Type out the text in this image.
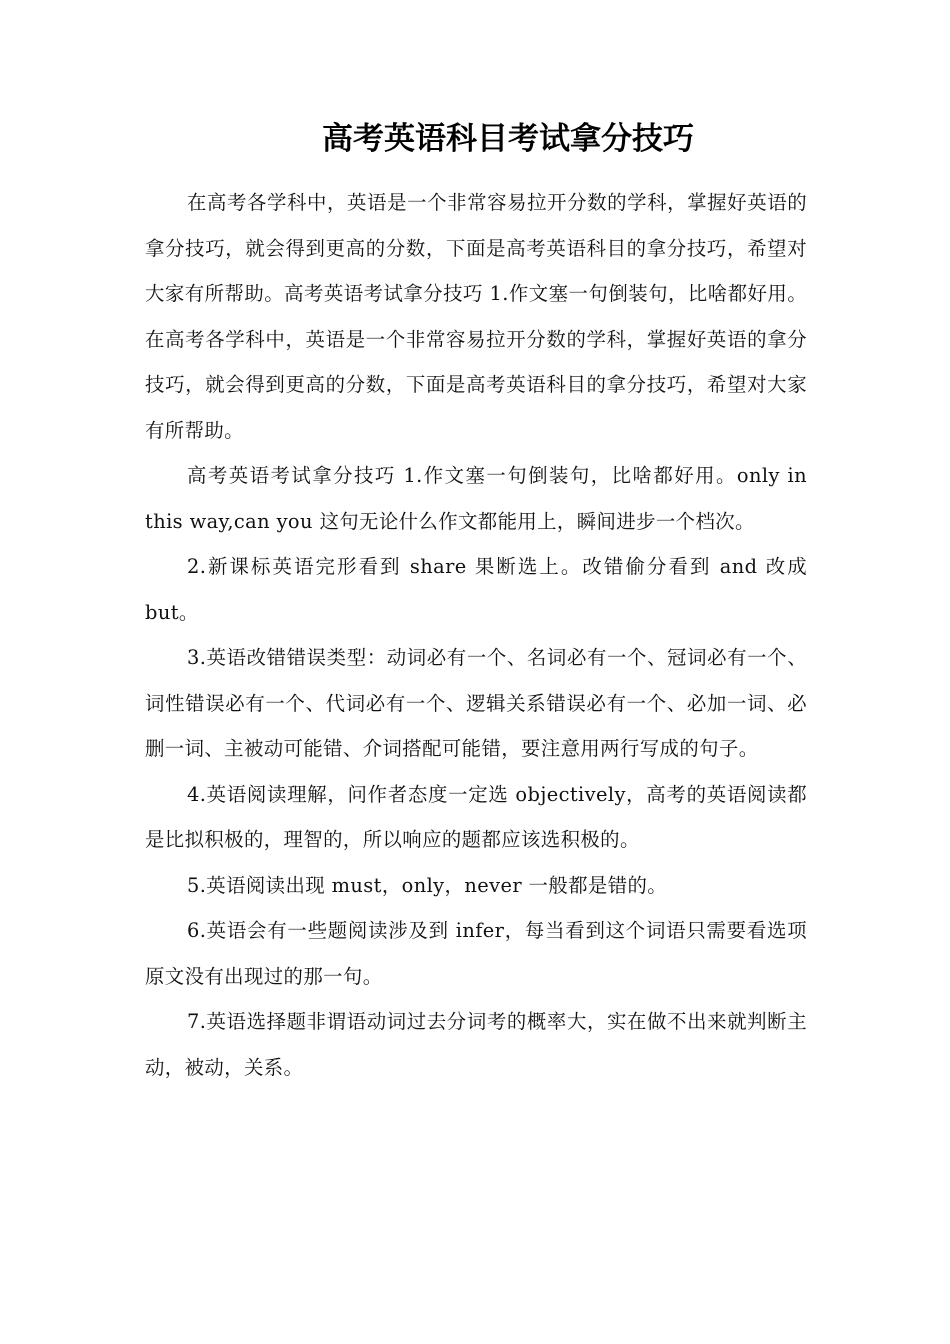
高考英语科目考试拿分技巧

在高考各学科中，英语是一个非常容易拉开分数的学科，掌握好英语的拿分技巧，就会得到更高的分数，下面是高考英语科目的拿分技巧，希望对大家有所帮助。高考英语考试拿分技巧 1.作文塞一句倒装句，比啥都好用。在高考各学科中，英语是一个非常容易拉开分数的学科，掌握好英语的拿分技巧，就会得到更高的分数，下面是高考英语科目的拿分技巧，希望对大家有所帮助。

高考英语考试拿分技巧 1.作文塞一句倒装句，比啥都好用。only in this way,can you 这句无论什么作文都能用上，瞬间进步一个档次。

2.新课标英语完形看到 share 果断选上。改错偷分看到 and 改成 but。

3.英语改错错误类型：动词必有一个、名词必有一个、冠词必有一个、词性错误必有一个、代词必有一个、逻辑关系错误必有一个、必加一词、必删一词、主被动可能错、介词搭配可能错，要注意用两行写成的句子。

4.英语阅读理解，问作者态度一定选 objectively，高考的英语阅读都是比拟积极的，理智的，所以响应的题都应该选积极的。

5.英语阅读出现 must，only，never 一般都是错的。

6.英语会有一些题阅读涉及到 infer，每当看到这个词语只需要看选项原文没有出现过的那一句。

7.英语选择题非谓语动词过去分词考的概率大，实在做不出来就判断主动，被动，关系。
